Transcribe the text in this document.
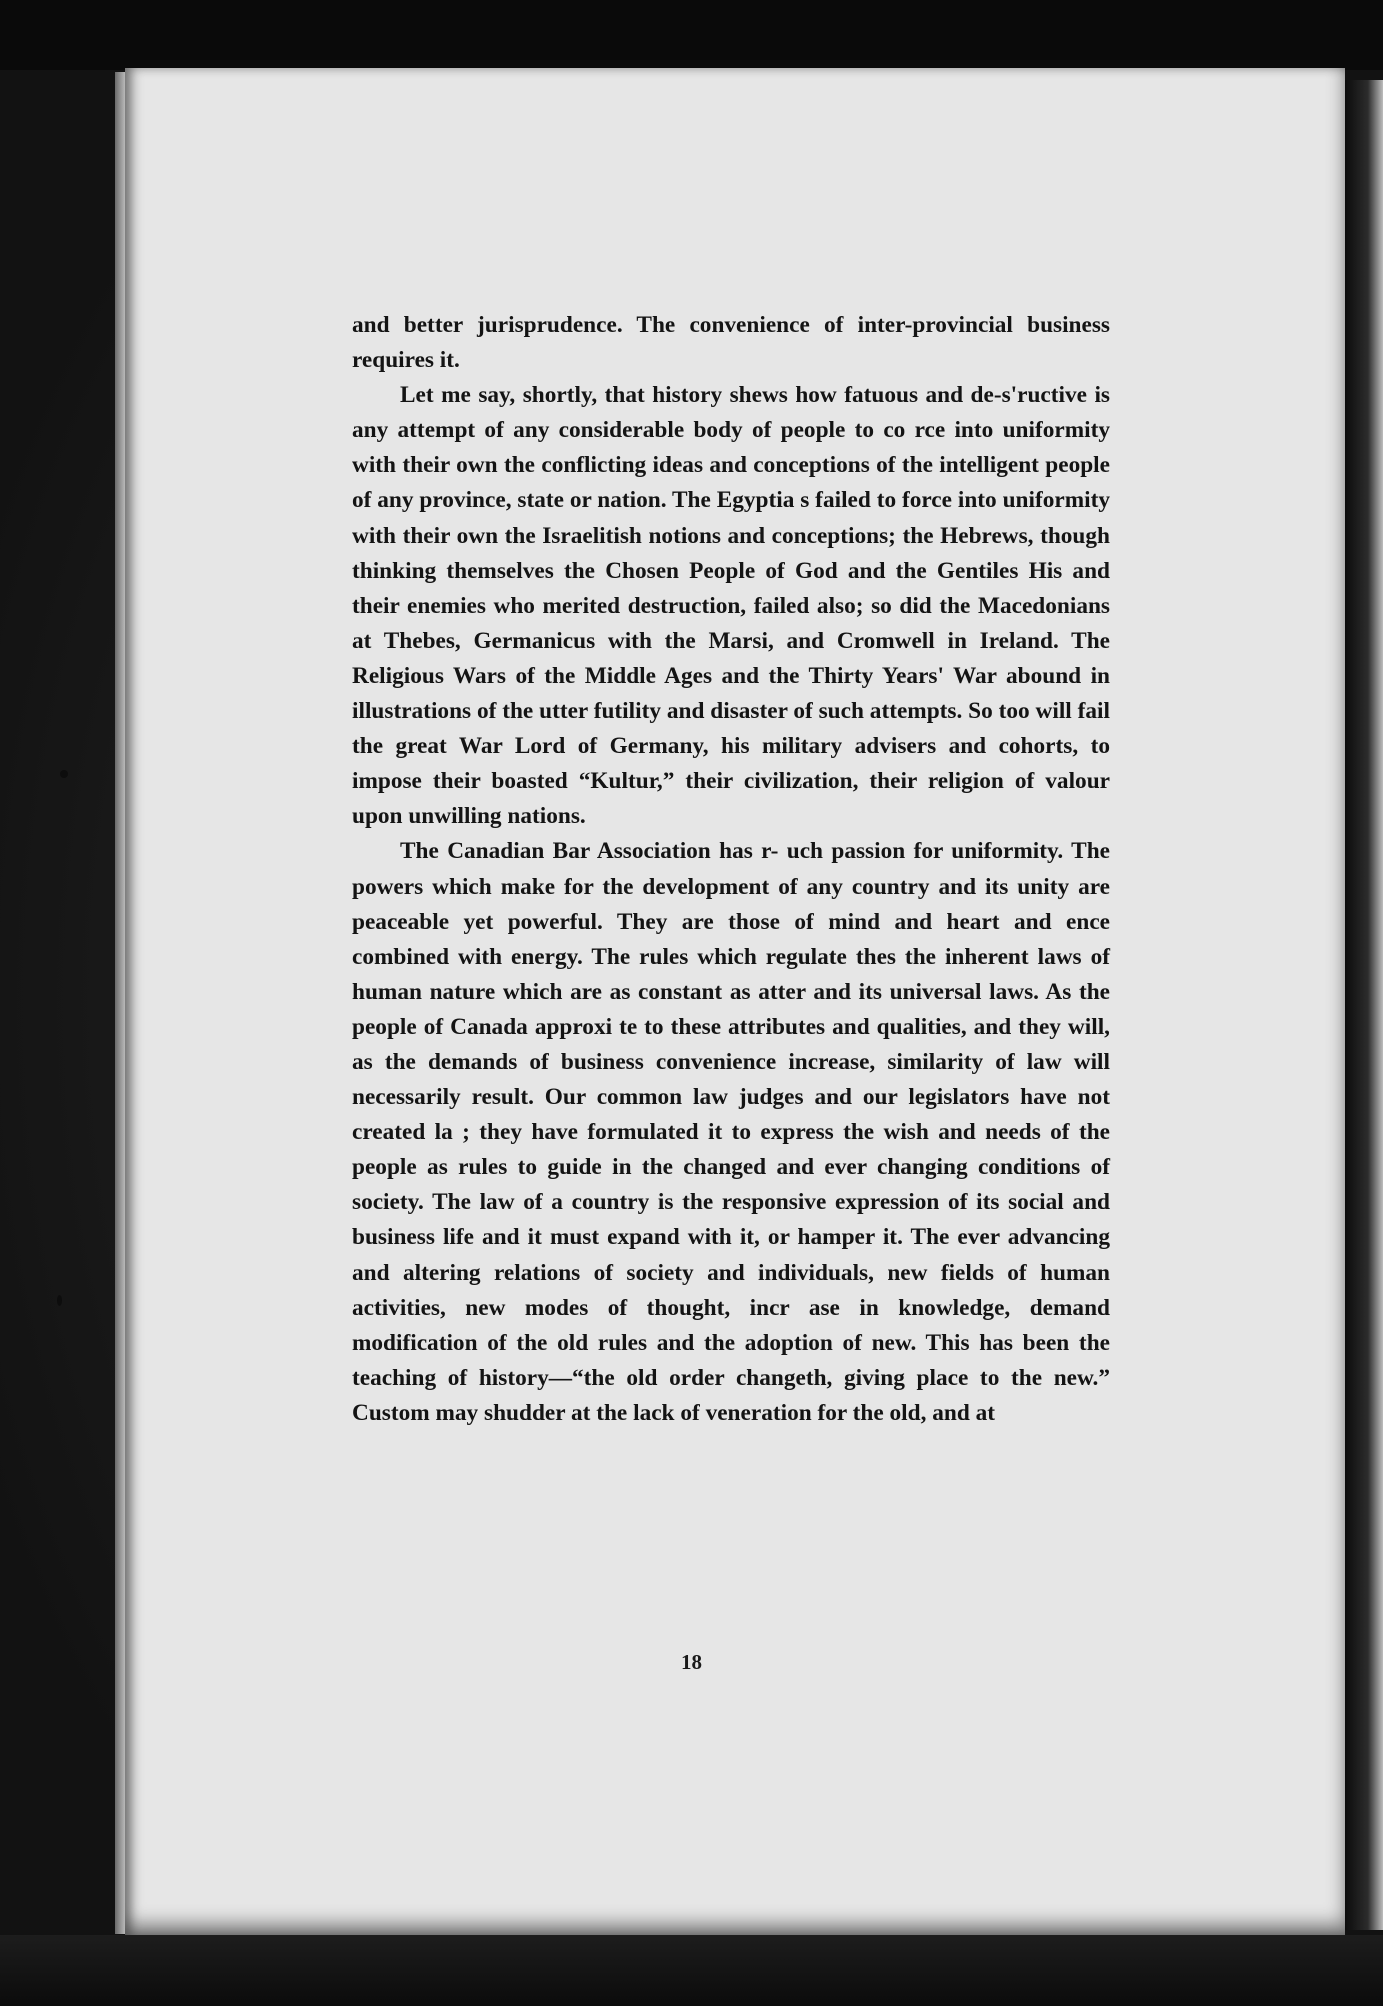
and better jurisprudence. The convenience of inter-provincial business requires it.

Let me say, shortly, that history shews how fatuous and de-s'ructive is any attempt of any considerable body of people to co rce into uniformity with their own the conflicting ideas and conceptions of the intelligent people of any province, state or nation. The Egyptia s failed to force into uniformity with their own the Israelitish notions and conceptions; the Hebrews, though thinking themselves the Chosen People of God and the Gentiles His and their enemies who merited destruction, failed also; so did the Macedonians at Thebes, Germanicus with the Marsi, and Cromwell in Ireland. The Religious Wars of the Middle Ages and the Thirty Years' War abound in illustrations of the utter futility and disaster of such attempts. So too will fail the great War Lord of Germany, his military advisers and cohorts, to impose their boasted “Kultur,” their civilization, their religion of valour upon unwilling nations.

The Canadian Bar Association has r- uch passion for uniformity. The powers which make for the development of any country and its unity are peaceable yet powerful. They are those of mind and heart and ence combined with energy. The rules which regulate thes the inherent laws of human nature which are as constant as atter and its universal laws. As the people of Canada approxi te to these attributes and qualities, and they will, as the demands of business convenience increase, similarity of law will necessarily result. Our common law judges and our legislators have not created la ; they have formulated it to express the wish and needs of the people as rules to guide in the changed and ever changing conditions of society. The law of a country is the responsive expression of its social and business life and it must expand with it, or hamper it. The ever advancing and altering relations of society and individuals, new fields of human activities, new modes of thought, incr ase in knowledge, demand modification of the old rules and the adoption of new. This has been the teaching of history—“the old order changeth, giving place to the new.” Custom may shudder at the lack of veneration for the old, and at

18
